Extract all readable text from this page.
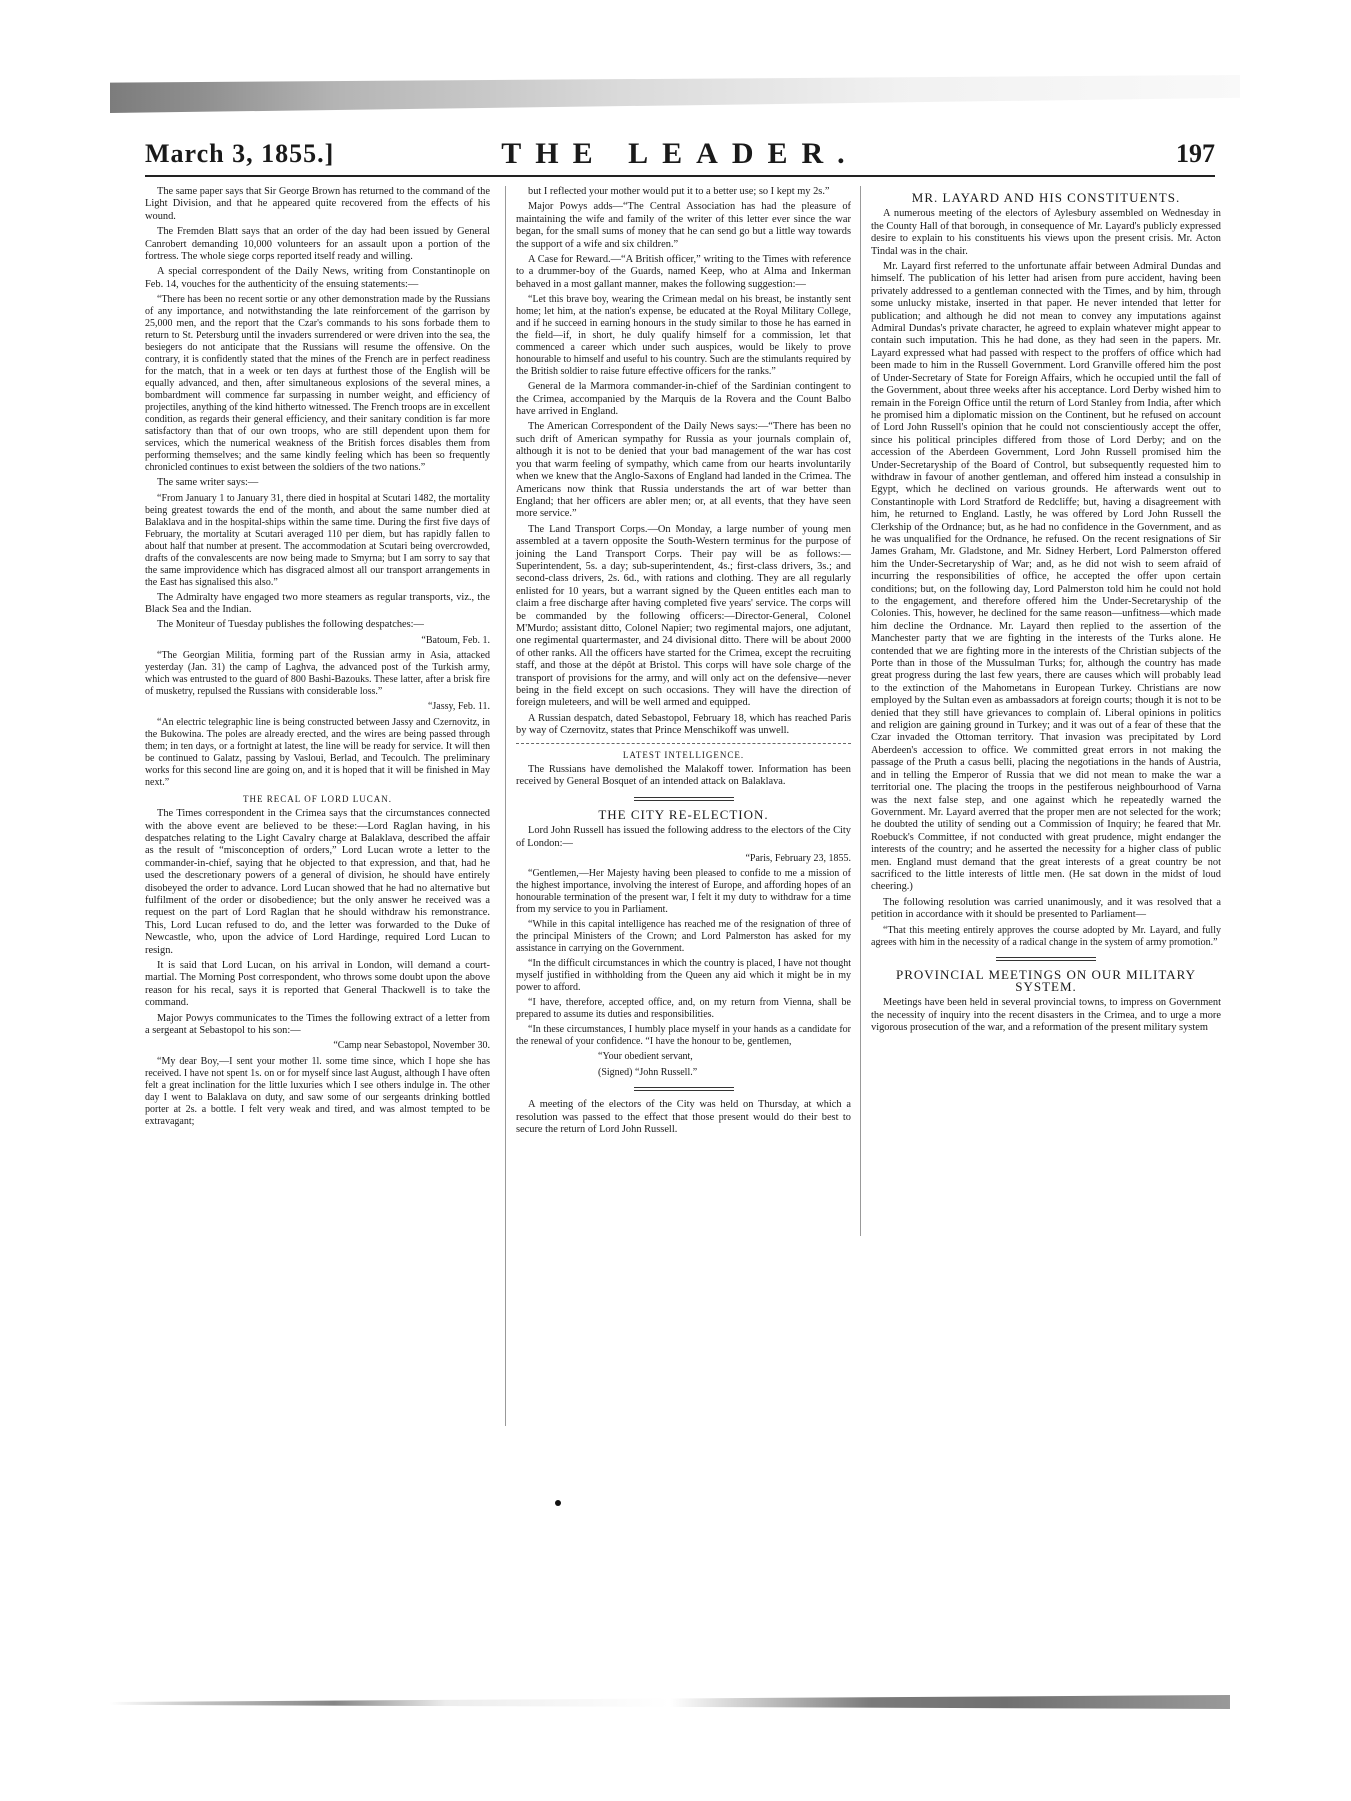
March 3, 1855.]	THE LEADER.	197

The same paper says that Sir George Brown has returned to the command of the Light Division, and that he appeared quite recovered from the effects of his wound.

The Fremden Blatt says that an order of the day had been issued by General Canrobert demanding 10,000 volunteers for an assault upon a portion of the fortress. The whole siege corps reported itself ready and willing.

A special correspondent of the Daily News, writing from Constantinople on Feb. 14, vouches for the authenticity of the ensuing statements:—

“There has been no recent sortie or any other demonstration made by the Russians of any importance, and notwithstanding the late reinforcement of the garrison by 25,000 men, and the report that the Czar's commands to his sons forbade them to return to St. Petersburg until the invaders surrendered or were driven into the sea, the besiegers do not anticipate that the Russians will resume the offensive. On the contrary, it is confidently stated that the mines of the French are in perfect readiness for the match, that in a week or ten days at furthest those of the English will be equally advanced, and then, after simultaneous explosions of the several mines, a bombardment will commence far surpassing in number weight, and efficiency of projectiles, anything of the kind hitherto witnessed. The French troops are in excellent condition, as regards their general efficiency, and their sanitary condition is far more satisfactory than that of our own troops, who are still dependent upon them for services, which the numerical weakness of the British forces disables them from performing themselves; and the same kindly feeling which has been so frequently chronicled continues to exist between the soldiers of the two nations.”

The same writer says:—

“From January 1 to January 31, there died in hospital at Scutari 1482, the mortality being greatest towards the end of the month, and about the same number died at Balaklava and in the hospital-ships within the same time. During the first five days of February, the mortality at Scutari averaged 110 per diem, but has rapidly fallen to about half that number at present. The accommodation at Scutari being overcrowded, drafts of the convalescents are now being made to Smyrna; but I am sorry to say that the same improvidence which has disgraced almost all our transport arrangements in the East has signalised this also.”

The Admiralty have engaged two more steamers as regular transports, viz., the Black Sea and the Indian.

The Moniteur of Tuesday publishes the following despatches:—

“Batoum, Feb. 1.

“The Georgian Militia, forming part of the Russian army in Asia, attacked yesterday (Jan. 31) the camp of Laghva, the advanced post of the Turkish army, which was entrusted to the guard of 800 Bashi-Bazouks. These latter, after a brisk fire of musketry, repulsed the Russians with considerable loss.”

“Jassy, Feb. 11.

“An electric telegraphic line is being constructed between Jassy and Czernovitz, in the Bukowina. The poles are already erected, and the wires are being passed through them; in ten days, or a fortnight at latest, the line will be ready for service. It will then be continued to Galatz, passing by Vasloui, Berlad, and Tecoulch. The preliminary works for this second line are going on, and it is hoped that it will be finished in May next.”

THE RECAL OF LORD LUCAN.

The Times correspondent in the Crimea says that the circumstances connected with the above event are believed to be these:—Lord Raglan having, in his despatches relating to the Light Cavalry charge at Balaklava, described the affair as the result of “misconception of orders,” Lord Lucan wrote a letter to the commander-in-chief, saying that he objected to that expression, and that, had he used the descretionary powers of a general of division, he should have entirely disobeyed the order to advance. Lord Lucan showed that he had no alternative but fulfilment of the order or disobedience; but the only answer he received was a request on the part of Lord Raglan that he should withdraw his remonstrance. This, Lord Lucan refused to do, and the letter was forwarded to the Duke of Newcastle, who, upon the advice of Lord Hardinge, required Lord Lucan to resign.

It is said that Lord Lucan, on his arrival in London, will demand a court-martial. The Morning Post correspondent, who throws some doubt upon the above reason for his recal, says it is reported that General Thackwell is to take the command.

Major Powys communicates to the Times the following extract of a letter from a sergeant at Sebastopol to his son:—

“Camp near Sebastopol, November 30.

“My dear Boy,—I sent your mother 1l. some time since, which I hope she has received. I have not spent 1s. on or for myself since last August, although I have often felt a great inclination for the little luxuries which I see others indulge in. The other day I went to Balaklava on duty, and saw some of our sergeants drinking bottled porter at 2s. a bottle. I felt very weak and tired, and was almost tempted to be extravagant;

but I reflected your mother would put it to a better use; so I kept my 2s.”

Major Powys adds—“The Central Association has had the pleasure of maintaining the wife and family of the writer of this letter ever since the war began, for the small sums of money that he can send go but a little way towards the support of a wife and six children.”

A Case for Reward.—“A British officer,” writing to the Times with reference to a drummer-boy of the Guards, named Keep, who at Alma and Inkerman behaved in a most gallant manner, makes the following suggestion:—

“Let this brave boy, wearing the Crimean medal on his breast, be instantly sent home; let him, at the nation's expense, be educated at the Royal Military College, and if he succeed in earning honours in the study similar to those he has earned in the field—if, in short, he duly qualify himself for a commission, let that commenced a career which under such auspices, would be likely to prove honourable to himself and useful to his country. Such are the stimulants required by the British soldier to raise future effective officers for the ranks.”

General de la Marmora commander-in-chief of the Sardinian contingent to the Crimea, accompanied by the Marquis de la Rovera and the Count Balbo have arrived in England.

The American Correspondent of the Daily News says:—“There has been no such drift of American sympathy for Russia as your journals complain of, although it is not to be denied that your bad management of the war has cost you that warm feeling of sympathy, which came from our hearts involuntarily when we knew that the Anglo-Saxons of England had landed in the Crimea. The Americans now think that Russia understands the art of war better than England; that her officers are abler men; or, at all events, that they have seen more service.”

The Land Transport Corps.—On Monday, a large number of young men assembled at a tavern opposite the South-Western terminus for the purpose of joining the Land Transport Corps. Their pay will be as follows:—Superintendent, 5s. a day; sub-superintendent, 4s.; first-class drivers, 3s.; and second-class drivers, 2s. 6d., with rations and clothing. They are all regularly enlisted for 10 years, but a warrant signed by the Queen entitles each man to claim a free discharge after having completed five years' service. The corps will be commanded by the following officers:—Director-General, Colonel M'Murdo; assistant ditto, Colonel Napier; two regimental majors, one adjutant, one regimental quartermaster, and 24 divisional ditto. There will be about 2000 of other ranks. All the officers have started for the Crimea, except the recruiting staff, and those at the dépôt at Bristol. This corps will have sole charge of the transport of provisions for the army, and will only act on the defensive—never being in the field except on such occasions. They will have the direction of foreign muleteers, and will be well armed and equipped.

A Russian despatch, dated Sebastopol, February 18, which has reached Paris by way of Czernovitz, states that Prince Menschikoff was unwell.

LATEST INTELLIGENCE.

The Russians have demolished the Malakoff tower. Information has been received by General Bosquet of an intended attack on Balaklava.

THE CITY RE-ELECTION.

Lord John Russell has issued the following address to the electors of the City of London:—

“Paris, February 23, 1855.

“Gentlemen,—Her Majesty having been pleased to confide to me a mission of the highest importance, involving the interest of Europe, and affording hopes of an honourable termination of the present war, I felt it my duty to withdraw for a time from my service to you in Parliament.

“While in this capital intelligence has reached me of the resignation of three of the principal Ministers of the Crown; and Lord Palmerston has asked for my assistance in carrying on the Government.

“In the difficult circumstances in which the country is placed, I have not thought myself justified in withholding from the Queen any aid which it might be in my power to afford.

“I have, therefore, accepted office, and, on my return from Vienna, shall be prepared to assume its duties and responsibilities.

“In these circumstances, I humbly place myself in your hands as a candidate for the renewal of your confidence. “I have the honour to be, gentlemen,

“Your obedient servant,

(Signed) “John Russell.”

A meeting of the electors of the City was held on Thursday, at which a resolution was passed to the effect that those present would do their best to secure the return of Lord John Russell.

MR. LAYARD AND HIS CONSTITUENTS.

A numerous meeting of the electors of Aylesbury assembled on Wednesday in the County Hall of that borough, in consequence of Mr. Layard's publicly expressed desire to explain to his constituents his views upon the present crisis. Mr. Acton Tindal was in the chair.

Mr. Layard first referred to the unfortunate affair between Admiral Dundas and himself. The publication of his letter had arisen from pure accident, having been privately addressed to a gentleman connected with the Times, and by him, through some unlucky mistake, inserted in that paper. He never intended that letter for publication; and although he did not mean to convey any imputations against Admiral Dundas's private character, he agreed to explain whatever might appear to contain such imputation. This he had done, as they had seen in the papers. Mr. Layard expressed what had passed with respect to the proffers of office which had been made to him in the Russell Government. Lord Granville offered him the post of Under-Secretary of State for Foreign Affairs, which he occupied until the fall of the Government, about three weeks after his acceptance. Lord Derby wished him to remain in the Foreign Office until the return of Lord Stanley from India, after which he promised him a diplomatic mission on the Continent, but he refused on account of Lord John Russell's opinion that he could not conscientiously accept the offer, since his political principles differed from those of Lord Derby; and on the accession of the Aberdeen Government, Lord John Russell promised him the Under-Secretaryship of the Board of Control, but subsequently requested him to withdraw in favour of another gentleman, and offered him instead a consulship in Egypt, which he declined on various grounds. He afterwards went out to Constantinople with Lord Stratford de Redcliffe; but, having a disagreement with him, he returned to England. Lastly, he was offered by Lord John Russell the Clerkship of the Ordnance; but, as he had no confidence in the Government, and as he was unqualified for the Ordnance, he refused. On the recent resignations of Sir James Graham, Mr. Gladstone, and Mr. Sidney Herbert, Lord Palmerston offered him the Under-Secretaryship of War; and, as he did not wish to seem afraid of incurring the responsibilities of office, he accepted the offer upon certain conditions; but, on the following day, Lord Palmerston told him he could not hold to the engagement, and therefore offered him the Under-Secretaryship of the Colonies. This, however, he declined for the same reason—unfitness—which made him decline the Ordnance. Mr. Layard then replied to the assertion of the Manchester party that we are fighting in the interests of the Turks alone. He contended that we are fighting more in the interests of the Christian subjects of the Porte than in those of the Mussulman Turks; for, although the country has made great progress during the last few years, there are causes which will probably lead to the extinction of the Mahometans in European Turkey. Christians are now employed by the Sultan even as ambassadors at foreign courts; though it is not to be denied that they still have grievances to complain of. Liberal opinions in politics and religion are gaining ground in Turkey; and it was out of a fear of these that the Czar invaded the Ottoman territory. That invasion was precipitated by Lord Aberdeen's accession to office. We committed great errors in not making the passage of the Pruth a casus belli, placing the negotiations in the hands of Austria, and in telling the Emperor of Russia that we did not mean to make the war a territorial one. The placing the troops in the pestiferous neighbourhood of Varna was the next false step, and one against which he repeatedly warned the Government. Mr. Layard averred that the proper men are not selected for the work; he doubted the utility of sending out a Commission of Inquiry; he feared that Mr. Roebuck's Committee, if not conducted with great prudence, might endanger the interests of the country; and he asserted the necessity for a higher class of public men. England must demand that the great interests of a great country be not sacrificed to the little interests of little men. (He sat down in the midst of loud cheering.)

The following resolution was carried unanimously, and it was resolved that a petition in accordance with it should be presented to Parliament—

“That this meeting entirely approves the course adopted by Mr. Layard, and fully agrees with him in the necessity of a radical change in the system of army promotion.”

PROVINCIAL MEETINGS ON OUR MILITARY SYSTEM.

Meetings have been held in several provincial towns, to impress on Government the necessity of inquiry into the recent disasters in the Crimea, and to urge a more vigorous prosecution of the war, and a reformation of the present military system
